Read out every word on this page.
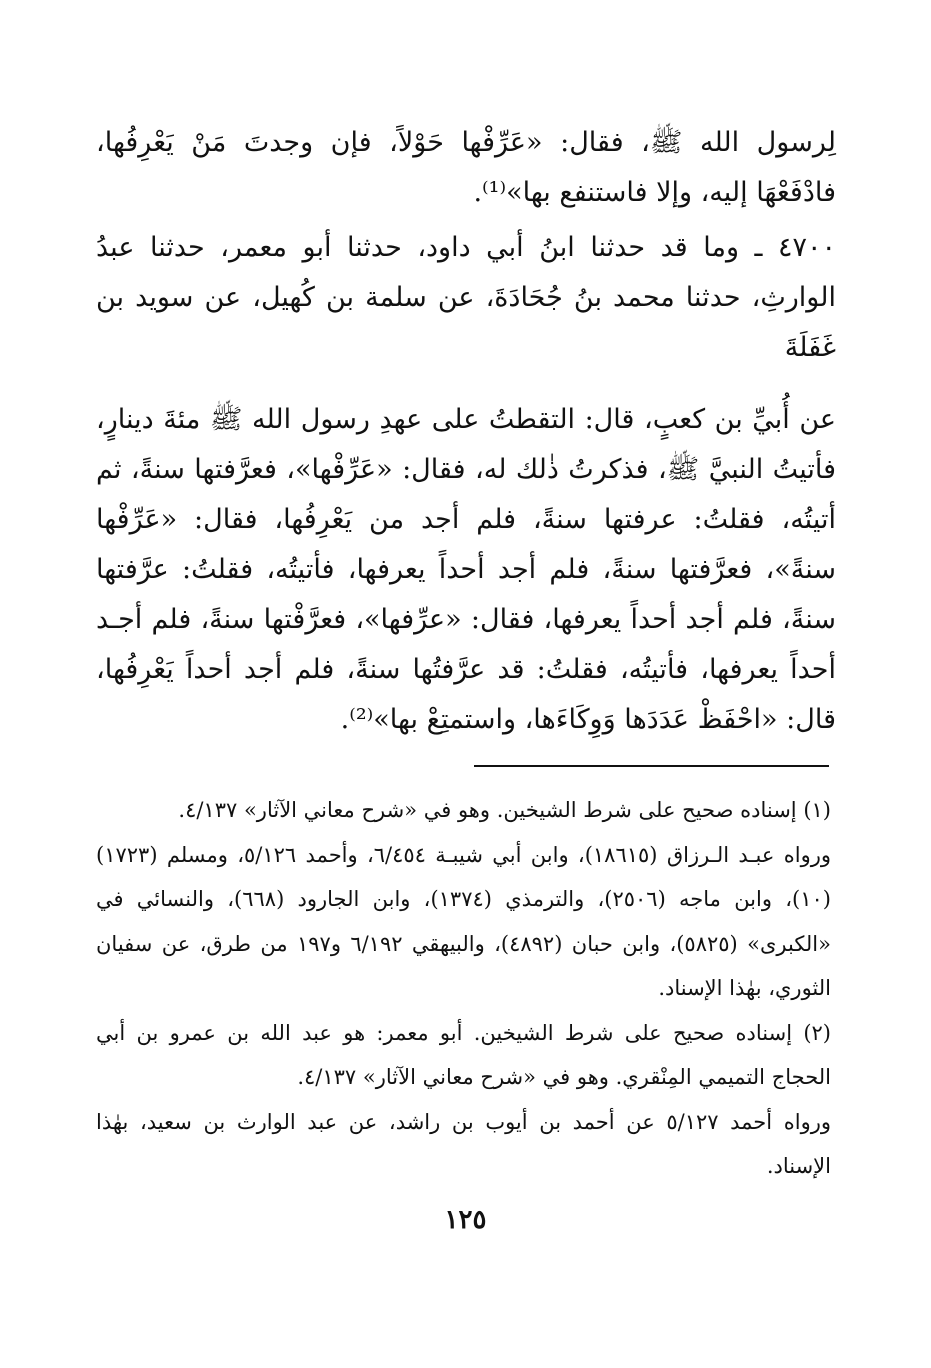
لِرسول الله ﷺ، فقال: «عَرِّفْها حَوْلاً، فإن وجدتَ مَنْ يَعْرِفُها، فادْفَعْهَا إليه، وإلا فاستنفع بها»⁽¹⁾.

٤٧٠٠ ـ وما قد حدثنا ابنُ أبي داود، حدثنا أبو معمر، حدثنا عبدُ الوارثِ، حدثنا محمد بنُ جُحَادَةَ، عن سلمة بن كُهيل، عن سويد بن غَفَلَةَ

عن أُبيِّ بن كعبٍ، قال: التقطتُ على عهدِ رسول الله ﷺ مئةَ دينارٍ، فأتيتُ النبيَّ ﷺ، فذكرتُ ذٰلك له، فقال: «عَرِّفْها»، فعرَّفتها سنةً، ثم أتيتُه، فقلتُ: عرفتها سنةً، فلم أجد من يَعْرِفُها، فقال: «عَرِّفْها سنةً»، فعرَّفتها سنةً، فلم أجد أحداً يعرفها، فأتيتُه، فقلتُ: عرَّفتها سنةً، فلم أجد أحداً يعرفها، فقال: «عرِّفها»، فعرَّفْتها سنةً، فلم أجـد أحداً يعرفها، فأتيتُه، فقلتُ: قد عرَّفتُها سنةً، فلم أجد أحداً يَعْرِفُها، قال: «احْفَظْ عَدَدَها وَوِكَاءَها، واستمتِعْ بها»⁽²⁾.

(١) إسناده صحيح على شرط الشيخين. وهو في «شرح معاني الآثار» ٤/١٣٧.

ورواه عبـد الـرزاق (١٨٦١٥)، وابن أبي شيبـة ٦/٤٥٤، وأحمد ٥/١٢٦، ومسلم (١٧٢٣) (١٠)، وابن ماجه (٢٥٠٦)، والترمذي (١٣٧٤)، وابن الجارود (٦٦٨)، والنسائي في «الكبرى» (٥٨٢٥)، وابن حبان (٤٨٩٢)، والبيهقي ٦/١٩٢ و١٩٧ من طرق، عن سفيان الثوري، بهٰذا الإسناد.

(٢) إسناده صحيح على شرط الشيخين. أبو معمر: هو عبد الله بن عمرو بن أبي الحجاج التميمي المِنْقري. وهو في «شرح معاني الآثار» ٤/١٣٧.

ورواه أحمد ٥/١٢٧ عن أحمد بن أيوب بن راشد، عن عبد الوارث بن سعيد، بهٰذا الإسناد.

١٢٥
